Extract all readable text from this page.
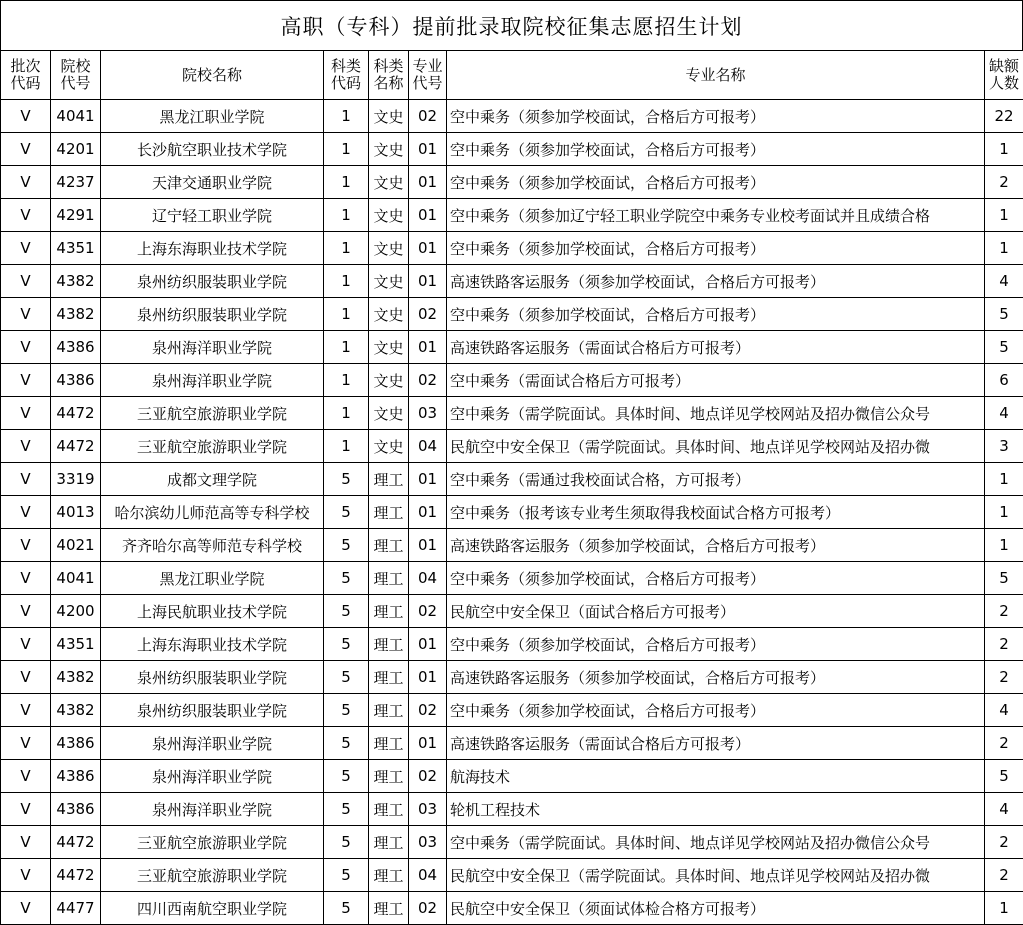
高职（专科）提前批录取院校征集志愿招生计划
批次代码	院校代号	院校名称	科类代码	科类名称	专业代号	专业名称	缺额人数
V	4041	黑龙江职业学院	1	文史	02	空中乘务（须参加学校面试，合格后方可报考）	22
V	4201	长沙航空职业技术学院	1	文史	01	空中乘务（须参加学校面试，合格后方可报考）	1
V	4237	天津交通职业学院	1	文史	01	空中乘务（须参加学校面试，合格后方可报考）	2
V	4291	辽宁轻工职业学院	1	文史	01	空中乘务（须参加辽宁轻工职业学院空中乘务专业校考面试并且成绩合格	1
V	4351	上海东海职业技术学院	1	文史	01	空中乘务（须参加学校面试，合格后方可报考）	1
V	4382	泉州纺织服装职业学院	1	文史	01	高速铁路客运服务（须参加学校面试，合格后方可报考）	4
V	4382	泉州纺织服装职业学院	1	文史	02	空中乘务（须参加学校面试，合格后方可报考）	5
V	4386	泉州海洋职业学院	1	文史	01	高速铁路客运服务（需面试合格后方可报考）	5
V	4386	泉州海洋职业学院	1	文史	02	空中乘务（需面试合格后方可报考）	6
V	4472	三亚航空旅游职业学院	1	文史	03	空中乘务（需学院面试。具体时间、地点详见学校网站及招办微信公众号	4
V	4472	三亚航空旅游职业学院	1	文史	04	民航空中安全保卫（需学院面试。具体时间、地点详见学校网站及招办微	3
V	3319	成都文理学院	5	理工	01	空中乘务（需通过我校面试合格，方可报考）	1
V	4013	哈尔滨幼儿师范高等专科学校	5	理工	01	空中乘务（报考该专业考生须取得我校面试合格方可报考）	1
V	4021	齐齐哈尔高等师范专科学校	5	理工	01	高速铁路客运服务（须参加学校面试，合格后方可报考）	1
V	4041	黑龙江职业学院	5	理工	04	空中乘务（须参加学校面试，合格后方可报考）	5
V	4200	上海民航职业技术学院	5	理工	02	民航空中安全保卫（面试合格后方可报考）	2
V	4351	上海东海职业技术学院	5	理工	01	空中乘务（须参加学校面试，合格后方可报考）	2
V	4382	泉州纺织服装职业学院	5	理工	01	高速铁路客运服务（须参加学校面试，合格后方可报考）	2
V	4382	泉州纺织服装职业学院	5	理工	02	空中乘务（须参加学校面试，合格后方可报考）	4
V	4386	泉州海洋职业学院	5	理工	01	高速铁路客运服务（需面试合格后方可报考）	2
V	4386	泉州海洋职业学院	5	理工	02	航海技术	5
V	4386	泉州海洋职业学院	5	理工	03	轮机工程技术	4
V	4472	三亚航空旅游职业学院	5	理工	03	空中乘务（需学院面试。具体时间、地点详见学校网站及招办微信公众号	2
V	4472	三亚航空旅游职业学院	5	理工	04	民航空中安全保卫（需学院面试。具体时间、地点详见学校网站及招办微	2
V	4477	四川西南航空职业学院	5	理工	02	民航空中安全保卫（须面试体检合格方可报考）	1
